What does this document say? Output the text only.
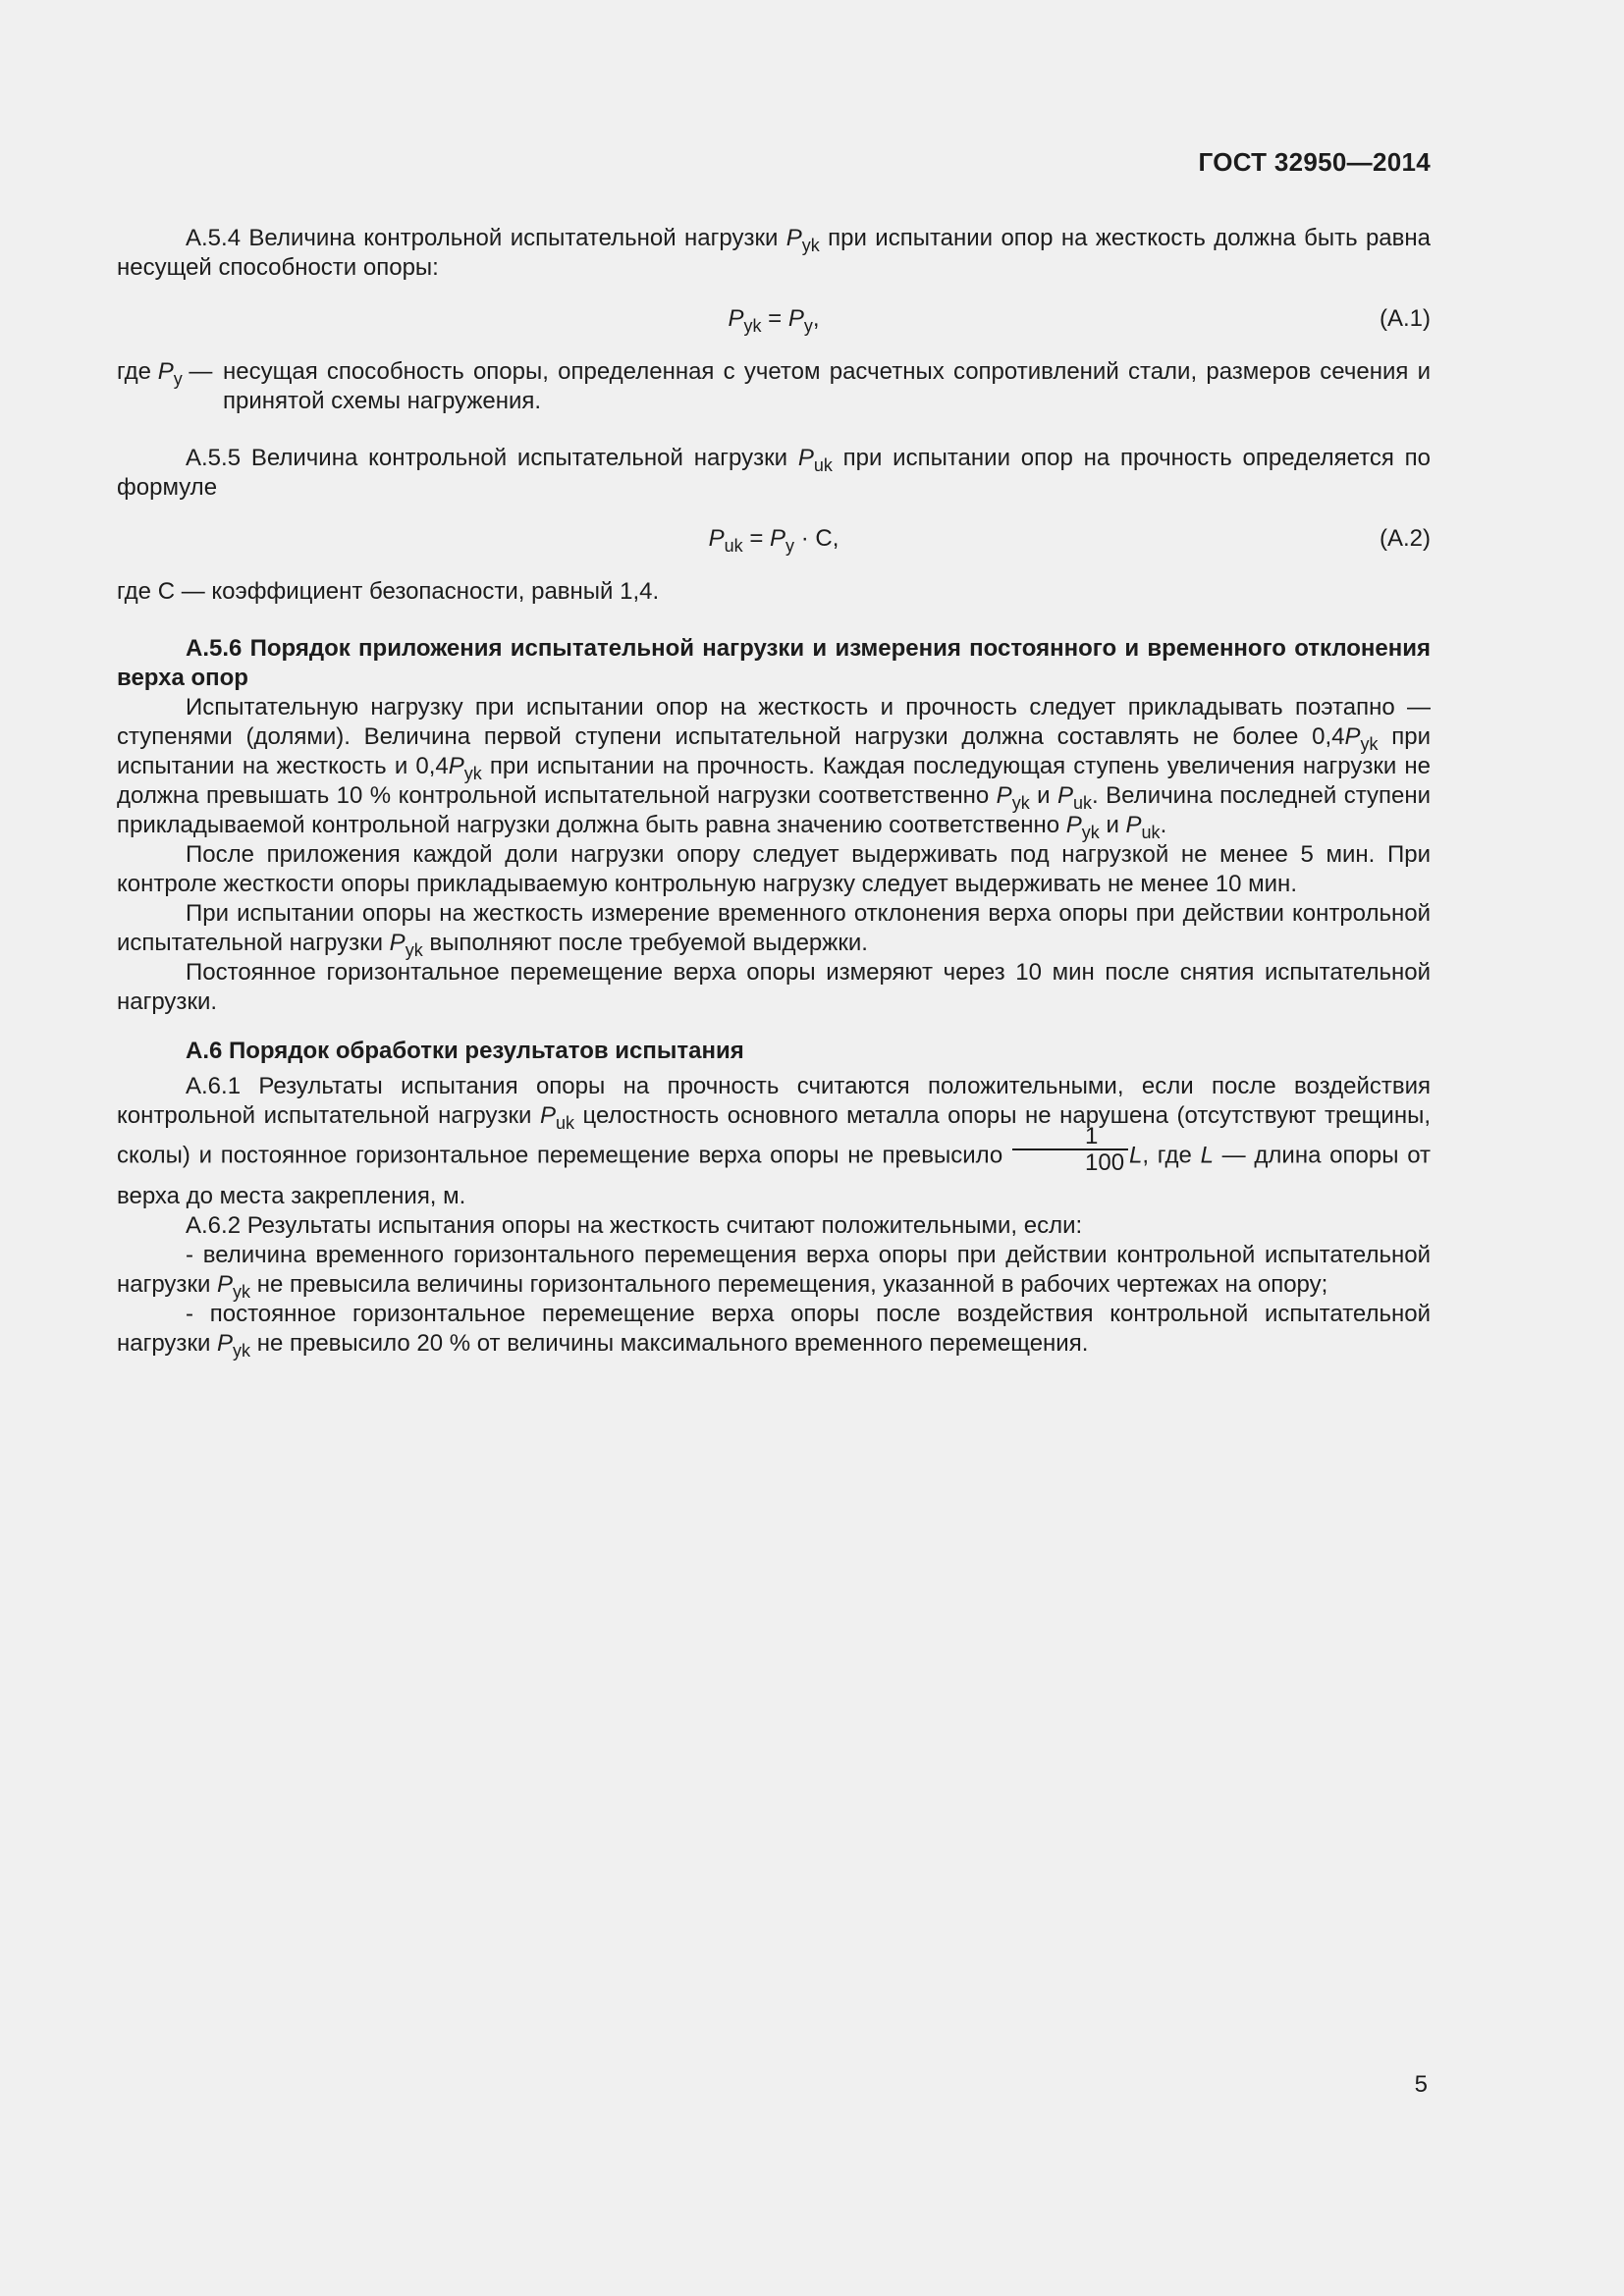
ГОСТ 32950—2014

А.5.4 Величина контрольной испытательной нагрузки $P_{yk}$ при испытании опор на жесткость должна быть равна несущей способности опоры:

$P_{yk} = P_y$,	(A.1)
где $P_y$ — несущая способность опоры, определенная с учетом расчетных сопротивлений стали, размеров сечения и принятой схемы нагружения.

А.5.5 Величина контрольной испытательной нагрузки $P_{uk}$ при испытании опор на прочность определяется по формуле

$P_{uk} = P_y \cdot С$,	(A.2)

где С — коэффициент безопасности, равный 1,4.

А.5.6 Порядок приложения испытательной нагрузки и измерения постоянного и временного отклонения верха опор

Испытательную нагрузку при испытании опор на жесткость и прочность следует прикладывать поэтапно — ступенями (долями). Величина первой ступени испытательной нагрузки должна составлять не более $0,4P_{yk}$ при испытании на жесткость и $0,4P_{yk}$ при испытании на прочность. Каждая последующая ступень увеличения нагрузки не должна превышать 10 % контрольной испытательной нагрузки соответственно $P_{yk}$ и $P_{uk}$. Величина последней ступени прикладываемой контрольной нагрузки должна быть равна значению соответственно $P_{yk}$ и $P_{uk}$.

После приложения каждой доли нагрузки опору следует выдерживать под нагрузкой не менее 5 мин. При контроле жесткости опоры прикладываемую контрольную нагрузку следует выдерживать не менее 10 мин.

При испытании опоры на жесткость измерение временного отклонения верха опоры при действии контрольной испытательной нагрузки $P_{yk}$ выполняют после требуемой выдержки.

Постоянное горизонтальное перемещение верха опоры измеряют через 10 мин после снятия испытательной нагрузки.

А.6 Порядок обработки результатов испытания

А.6.1 Результаты испытания опоры на прочность считаются положительными, если после воздействия контрольной испытательной нагрузки $P_{uk}$ целостность основного металла опоры не нарушена (отсутствуют трещины, сколы) и постоянное горизонтальное перемещение верха опоры не превысило $\frac{1}{100} L$, где L — длина опоры от верха до места закрепления, м.

А.6.2 Результаты испытания опоры на жесткость считают положительными, если:

- величина временного горизонтального перемещения верха опоры при действии контрольной испытательной нагрузки $P_{yk}$ не превысила величины горизонтального перемещения, указанной в рабочих чертежах на опору;

- постоянное горизонтальное перемещение верха опоры после воздействия контрольной испытательной нагрузки $P_{yk}$ не превысило 20 % от величины максимального временного перемещения.

5
